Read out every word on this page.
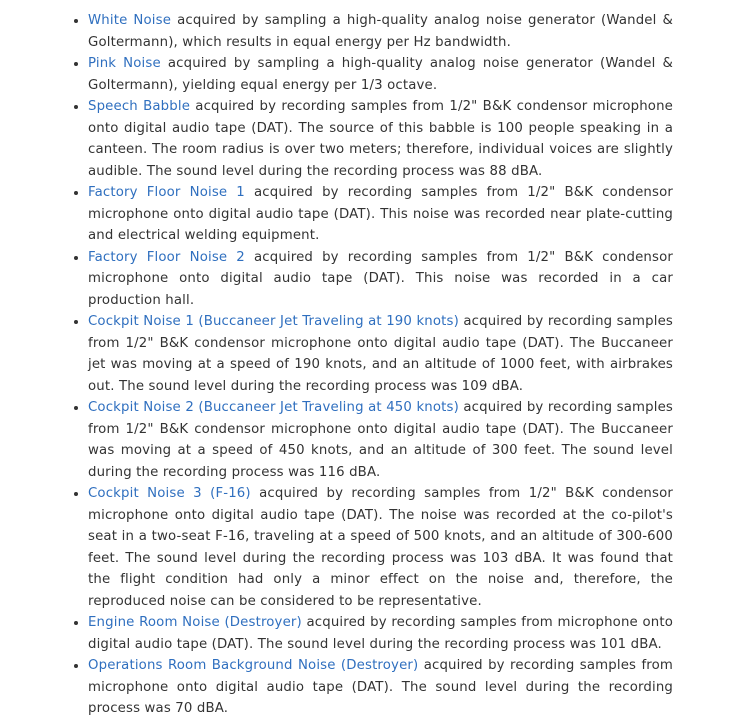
• White Noise acquired by sampling a high-quality analog noise generator (Wandel & Goltermann), which results in equal energy per Hz bandwidth.
• Pink Noise acquired by sampling a high-quality analog noise generator (Wandel & Goltermann), yielding equal energy per 1/3 octave.
• Speech Babble acquired by recording samples from 1/2" B&K condensor microphone onto digital audio tape (DAT). The source of this babble is 100 people speaking in a canteen. The room radius is over two meters; therefore, individual voices are slightly audible. The sound level during the recording process was 88 dBA.
• Factory Floor Noise 1 acquired by recording samples from 1/2" B&K condensor microphone onto digital audio tape (DAT). This noise was recorded near plate-cutting and electrical welding equipment.
• Factory Floor Noise 2 acquired by recording samples from 1/2" B&K condensor microphone onto digital audio tape (DAT). This noise was recorded in a car production hall.
• Cockpit Noise 1 (Buccaneer Jet Traveling at 190 knots) acquired by recording samples from 1/2" B&K condensor microphone onto digital audio tape (DAT). The Buccaneer jet was moving at a speed of 190 knots, and an altitude of 1000 feet, with airbrakes out. The sound level during the recording process was 109 dBA.
• Cockpit Noise 2 (Buccaneer Jet Traveling at 450 knots) acquired by recording samples from 1/2" B&K condensor microphone onto digital audio tape (DAT). The Buccaneer was moving at a speed of 450 knots, and an altitude of 300 feet. The sound level during the recording process was 116 dBA.
• Cockpit Noise 3 (F-16) acquired by recording samples from 1/2" B&K condensor microphone onto digital audio tape (DAT). The noise was recorded at the co-pilot's seat in a two-seat F-16, traveling at a speed of 500 knots, and an altitude of 300-600 feet. The sound level during the recording process was 103 dBA. It was found that the flight condition had only a minor effect on the noise and, therefore, the reproduced noise can be considered to be representative.
• Engine Room Noise (Destroyer) acquired by recording samples from microphone onto digital audio tape (DAT). The sound level during the recording process was 101 dBA.
• Operations Room Background Noise (Destroyer) acquired by recording samples from microphone onto digital audio tape (DAT). The sound level during the recording process was 70 dBA.
